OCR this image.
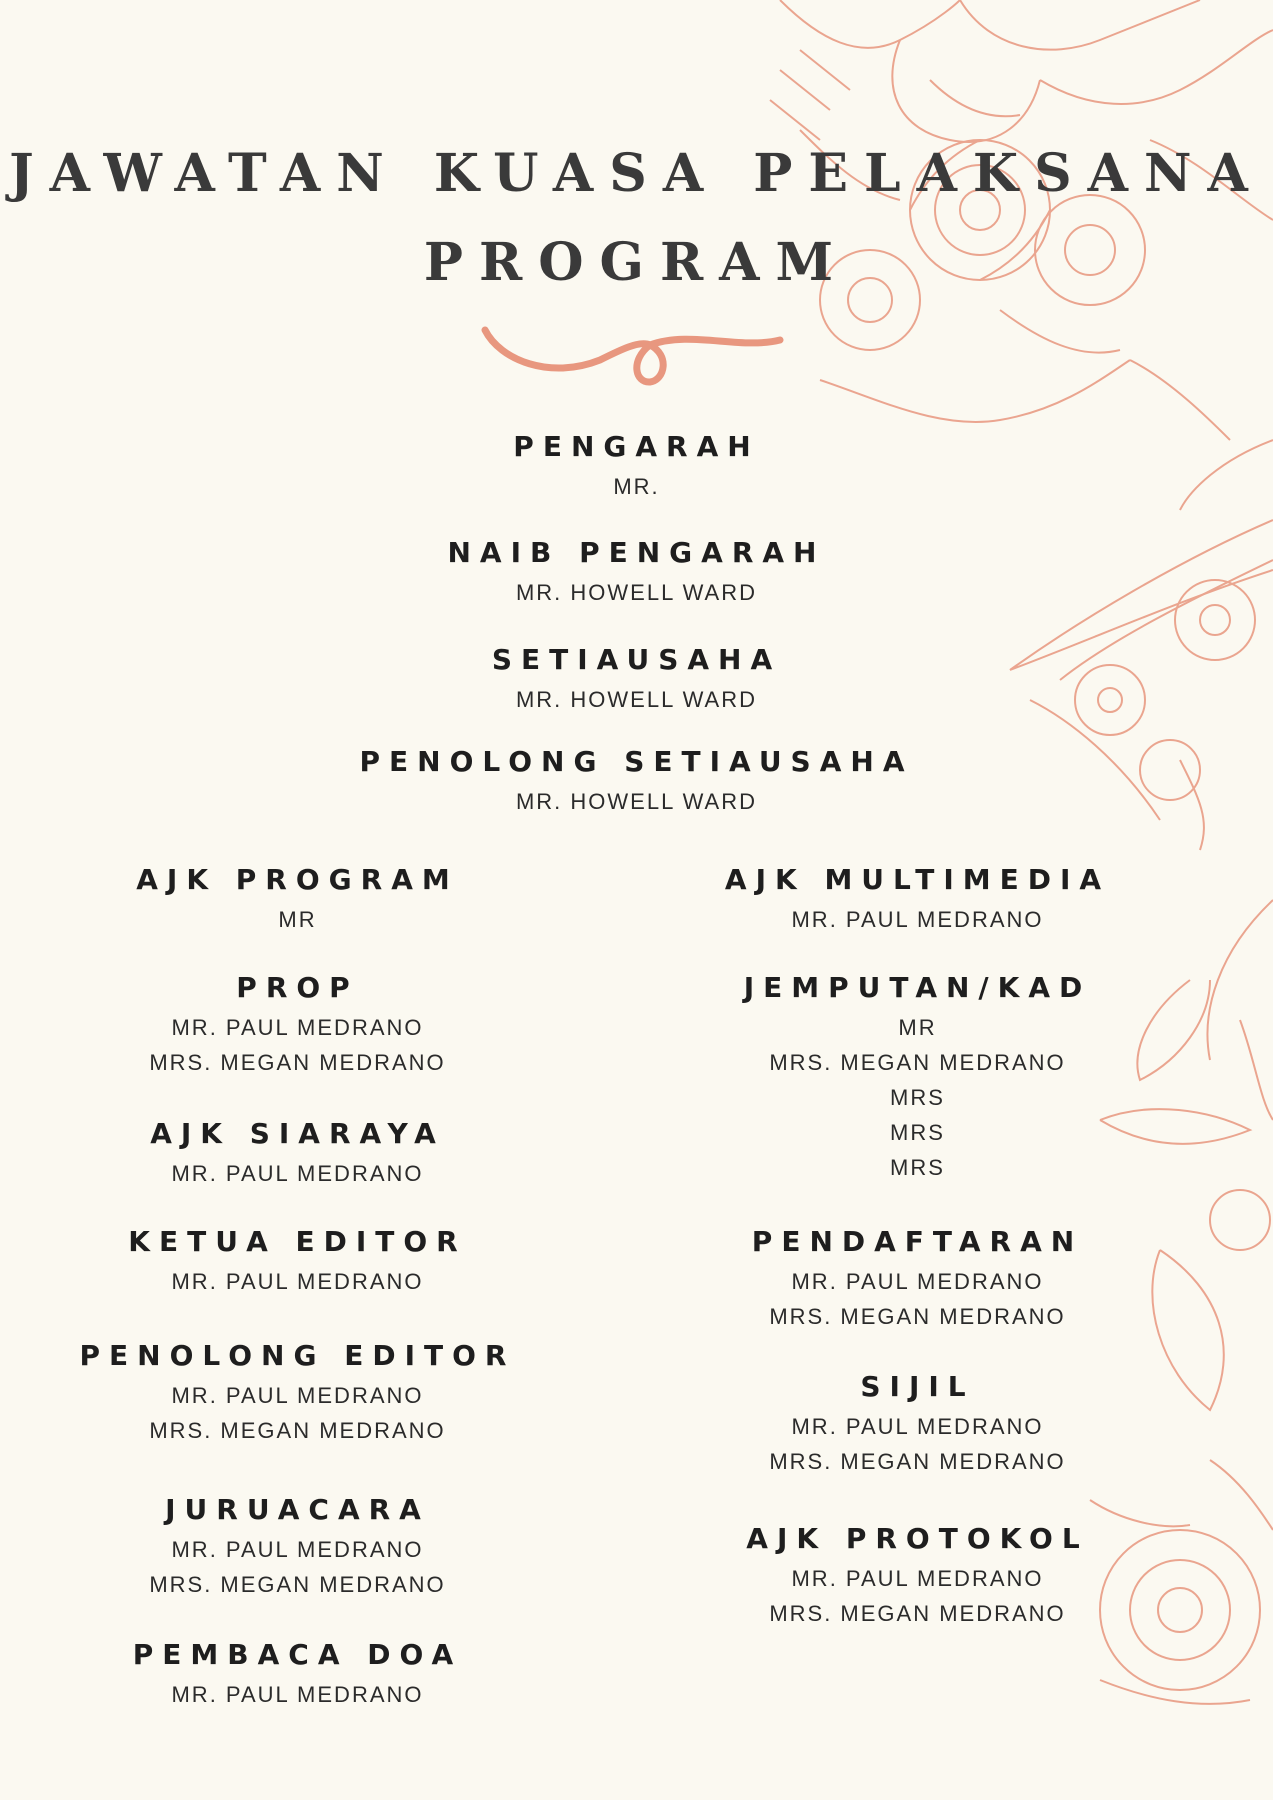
JAWATAN KUASA PELAKSANA
PROGRAM
PENGARAH
MR.
NAIB PENGARAH
MR. HOWELL WARD
SETIAUSAHA
MR. HOWELL WARD
PENOLONG SETIAUSAHA
MR. HOWELL WARD
AJK PROGRAM
MR
PROP
MR. PAUL MEDRANO
MRS. MEGAN MEDRANO
AJK SIARAYA
MR. PAUL MEDRANO
KETUA EDITOR
MR. PAUL MEDRANO
PENOLONG EDITOR
MR. PAUL MEDRANO
MRS. MEGAN MEDRANO
JURUACARA
MR. PAUL MEDRANO
MRS. MEGAN MEDRANO
PEMBACA DOA
MR. PAUL MEDRANO
AJK MULTIMEDIA
MR. PAUL MEDRANO
JEMPUTAN/KAD
MR
MRS. MEGAN MEDRANO
MRS
MRS
MRS
PENDAFTARAN
MR. PAUL MEDRANO
MRS. MEGAN MEDRANO
SIJIL
MR. PAUL MEDRANO
MRS. MEGAN MEDRANO
AJK PROTOKOL
MR. PAUL MEDRANO
MRS. MEGAN MEDRANO
